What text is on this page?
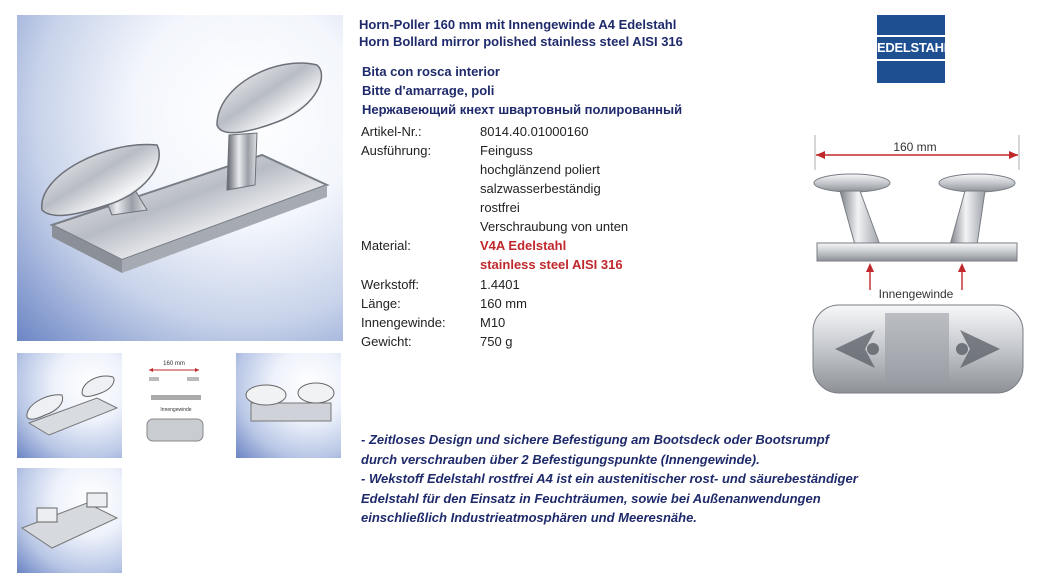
160 mm
Innengewinde
Horn-Poller 160 mm mit Innengewinde A4 Edelstahl
Horn Bollard mirror polished stainless steel AISI 316
Bita con rosca interior
Bitte d'amarrage, poli
Нержавеющий кнехт швартовный полированный
Artikel-Nr.:	8014.40.01000160
Ausführung:	Feinguss
hochglänzend poliert
salzwasserbeständig
rostfrei
Verschraubung von unten
Material:	V4A Edelstahl
stainless steel AISI 316
Werkstoff:	1.4401
Länge:	160 mm
Innengewinde:	M10
Gewicht:	750 g
- Zeitloses Design und sichere Befestigung am Bootsdeck oder Bootsrumpf
durch verschrauben über 2 Befestigungspunkte (Innengewinde).
- Wekstoff Edelstahl rostfrei A4 ist ein austenitischer rost- und säurebeständiger
Edelstahl für den Einsatz in Feuchträumen, sowie bei Außenanwendungen
einschließlich Industrieatmosphären und Meeresnähe.
EDELSTAHL
160 mm
Innengewinde
